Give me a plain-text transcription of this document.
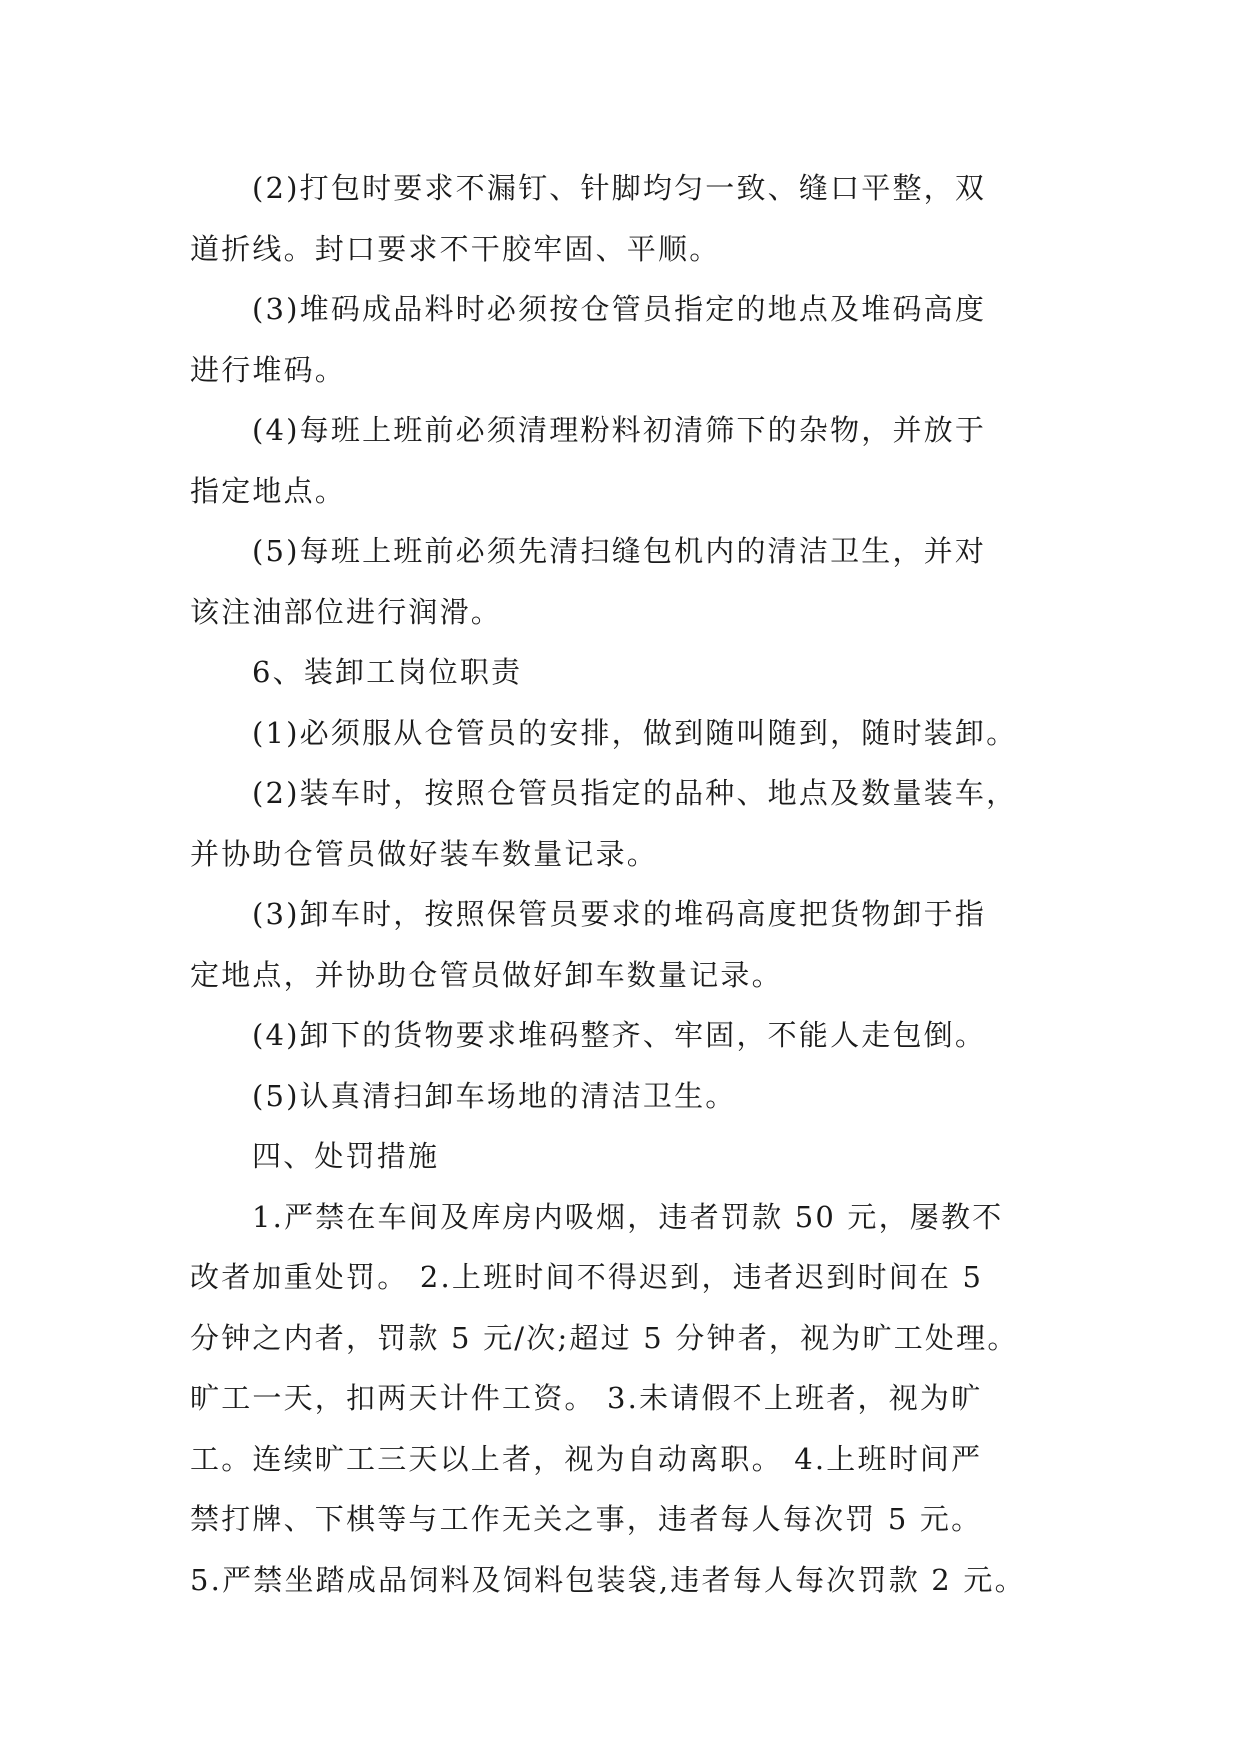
(2)打包时要求不漏钉、针脚均匀一致、缝口平整，双
道折线。封口要求不干胶牢固、平顺。
(3)堆码成品料时必须按仓管员指定的地点及堆码高度
进行堆码。
(4)每班上班前必须清理粉料初清筛下的杂物，并放于
指定地点。
(5)每班上班前必须先清扫缝包机内的清洁卫生，并对
该注油部位进行润滑。
6、装卸工岗位职责
(1)必须服从仓管员的安排，做到随叫随到，随时装卸。
(2)装车时，按照仓管员指定的品种、地点及数量装车，
并协助仓管员做好装车数量记录。
(3)卸车时，按照保管员要求的堆码高度把货物卸于指
定地点，并协助仓管员做好卸车数量记录。
(4)卸下的货物要求堆码整齐、牢固，不能人走包倒。
(5)认真清扫卸车场地的清洁卫生。
四、处罚措施
1.严禁在车间及库房内吸烟，违者罚款 50 元，屡教不
改者加重处罚。 2.上班时间不得迟到，违者迟到时间在 5
分钟之内者，罚款 5 元/次;超过 5 分钟者，视为旷工处理。
旷工一天，扣两天计件工资。 3.未请假不上班者，视为旷
工。连续旷工三天以上者，视为自动离职。 4.上班时间严
禁打牌、下棋等与工作无关之事，违者每人每次罚 5 元。
5.严禁坐踏成品饲料及饲料包装袋,违者每人每次罚款 2 元。
